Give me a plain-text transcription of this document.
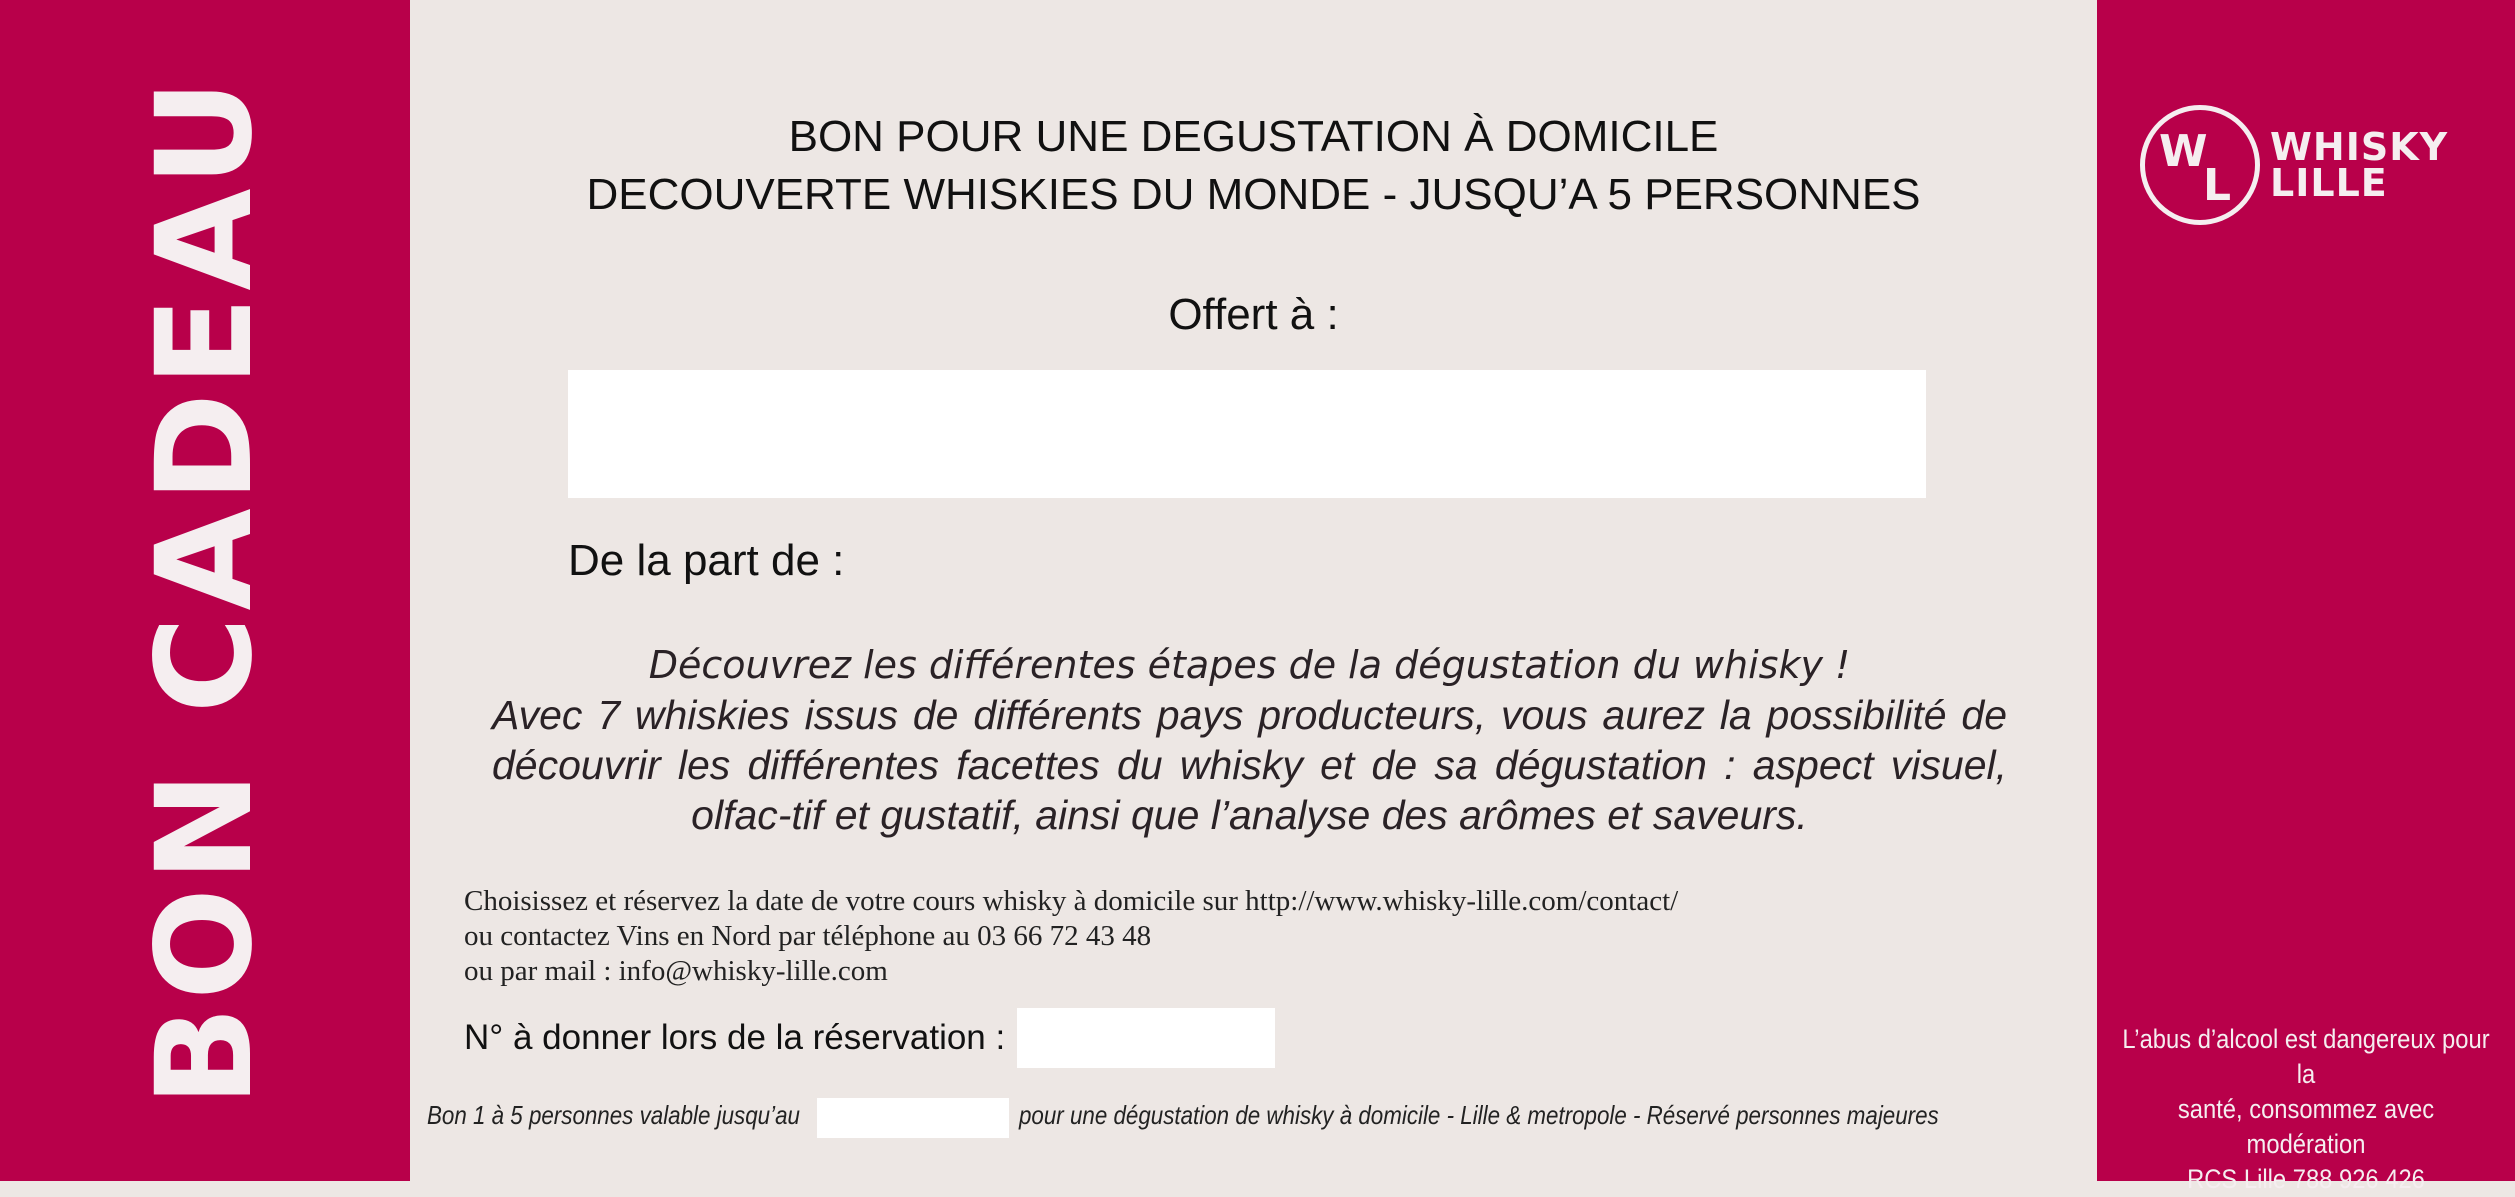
BON CADEAU	BON POUR UNE DEGUSTATION À DOMICILE
DECOUVERTE WHISKIES DU MONDE - JUSQU’A 5 PERSONNES
Offert à :
De la part de :
Découvrez les différentes étapes de la dégustation du whisky !
Avec 7 whiskies issus de différents pays producteurs, vous aurez la possibilité de découvrir les différentes facettes du whisky et de sa dégustation : aspect visuel, olfac-tif et gustatif, ainsi que l’analyse des arômes et saveurs.
Choisissez et réservez la date de votre cours whisky à domicile sur http://www.whisky-lille.com/contact/
ou contactez Vins en Nord par téléphone au 03 66 72 43 48
ou par mail : info@whisky-lille.com
N° à donner lors de la réservation :
Bon 1 à 5 personnes valable jusqu’au	pour une dégustation de whisky à domicile - Lille & metropole - Réservé personnes majeures
W
L
WHISKY
LILLE
L’abus d’alcool est dangereux pour la
santé, consommez avec modération
RCS Lille 788 926 426
